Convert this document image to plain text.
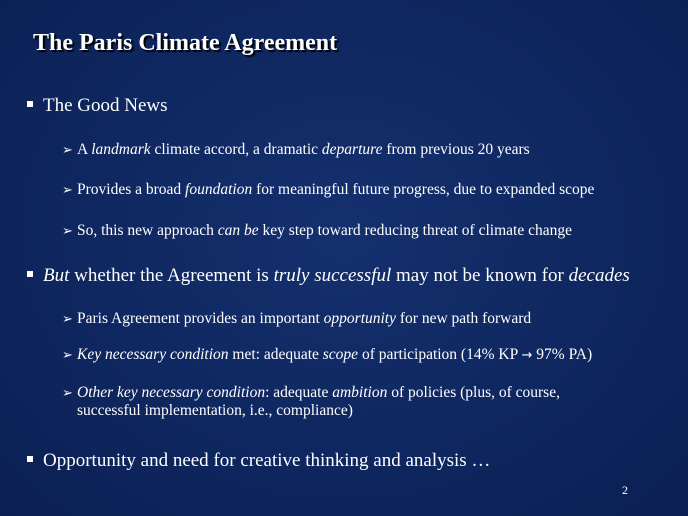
The Paris Climate Agreement
The Good News
➢ A landmark climate accord, a dramatic departure from previous 20 years
➢ Provides a broad foundation for meaningful future progress, due to expanded scope
➢ So, this new approach can be key step toward reducing threat of climate change
But whether the Agreement is truly successful may not be known for decades
➢ Paris Agreement provides an important opportunity for new path forward
➢ Key necessary condition met: adequate scope of participation (14% KP → 97% PA)
➢ Other key necessary condition: adequate ambition of policies (plus, of course,
successful implementation, i.e., compliance)
Opportunity and need for creative thinking and analysis …
2
